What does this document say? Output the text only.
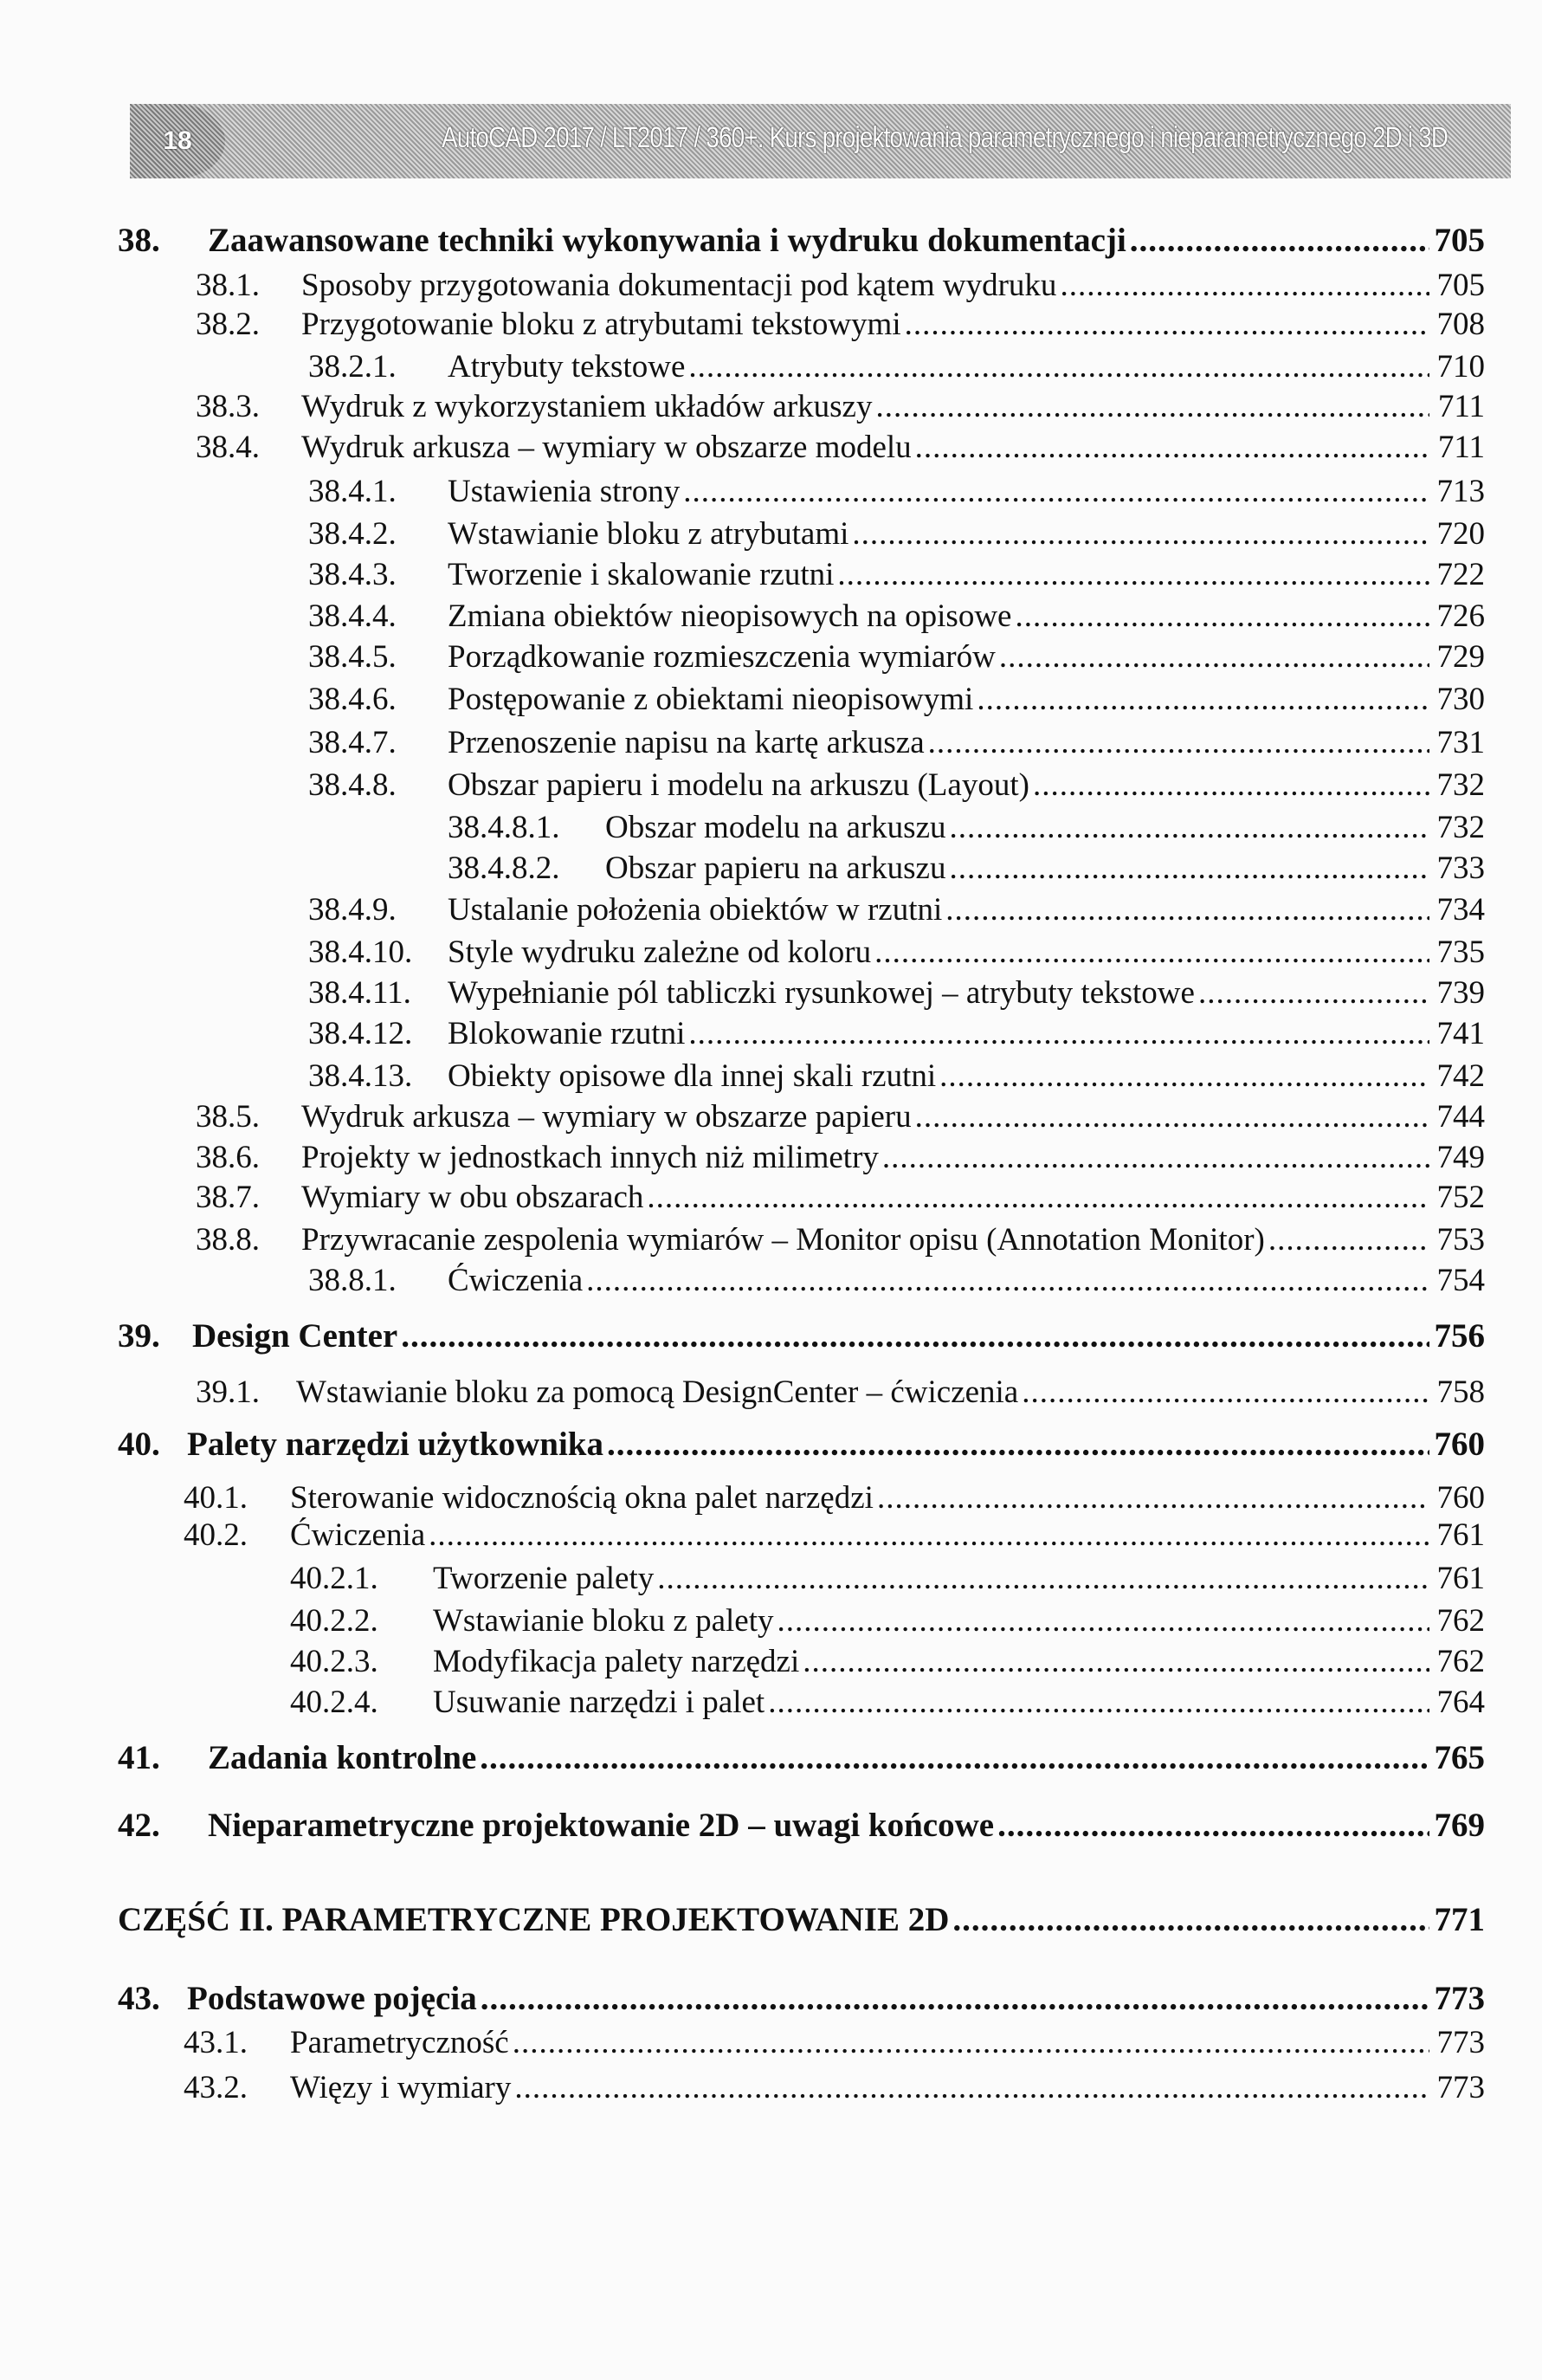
18	AutoCAD 2017 / LT2017 / 360+. Kurs projektowania parametrycznego i nieparametrycznego 2D i 3D
38. Zaawansowane techniki wykonywania i wydruku dokumentacji .....	705
38.1. Sposoby przygotowania dokumentacji pod kątem wydruku .....	705
38.2. Przygotowanie bloku z atrybutami tekstowymi .....	708
38.2.1. Atrybuty tekstowe .....	710
38.3. Wydruk z wykorzystaniem układów arkuszy .....	711
38.4. Wydruk arkusza – wymiary w obszarze modelu .....	711
38.4.1. Ustawienia strony .....	713
38.4.2. Wstawianie bloku z atrybutami .....	720
38.4.3. Tworzenie i skalowanie rzutni .....	722
38.4.4. Zmiana obiektów nieopisowych na opisowe .....	726
38.4.5. Porządkowanie rozmieszczenia wymiarów .....	729
38.4.6. Postępowanie z obiektami nieopisowymi .....	730
38.4.7. Przenoszenie napisu na kartę arkusza .....	731
38.4.8. Obszar papieru i modelu na arkuszu (Layout) .....	732
38.4.8.1. Obszar modelu na arkuszu .....	732
38.4.8.2. Obszar papieru na arkuszu .....	733
38.4.9. Ustalanie położenia obiektów w rzutni .....	734
38.4.10. Style wydruku zależne od koloru .....	735
38.4.11. Wypełnianie pól tabliczki rysunkowej – atrybuty tekstowe .....	739
38.4.12. Blokowanie rzutni .....	741
38.4.13. Obiekty opisowe dla innej skali rzutni .....	742
38.5. Wydruk arkusza – wymiary w obszarze papieru .....	744
38.6. Projekty w jednostkach innych niż milimetry .....	749
38.7. Wymiary w obu obszarach .....	752
38.8. Przywracanie zespolenia wymiarów – Monitor opisu (Annotation Monitor) .....	753
38.8.1. Ćwiczenia .....	754
39. Design Center .....	756
39.1. Wstawianie bloku za pomocą DesignCenter – ćwiczenia .....	758
40. Palety narzędzi użytkownika .....	760
40.1. Sterowanie widocznością okna palet narzędzi .....	760
40.2. Ćwiczenia .....	761
40.2.1. Tworzenie palety .....	761
40.2.2. Wstawianie bloku z palety .....	762
40.2.3. Modyfikacja palety narzędzi .....	762
40.2.4. Usuwanie narzędzi i palet .....	764
41. Zadania kontrolne .....	765
42. Nieparametryczne projektowanie 2D – uwagi końcowe .....	769
CZĘŚĆ II. PARAMETRYCZNE PROJEKTOWANIE 2D .....	771
43. Podstawowe pojęcia .....	773
43.1. Parametryczność .....	773
43.2. Więzy i wymiary .....	773
